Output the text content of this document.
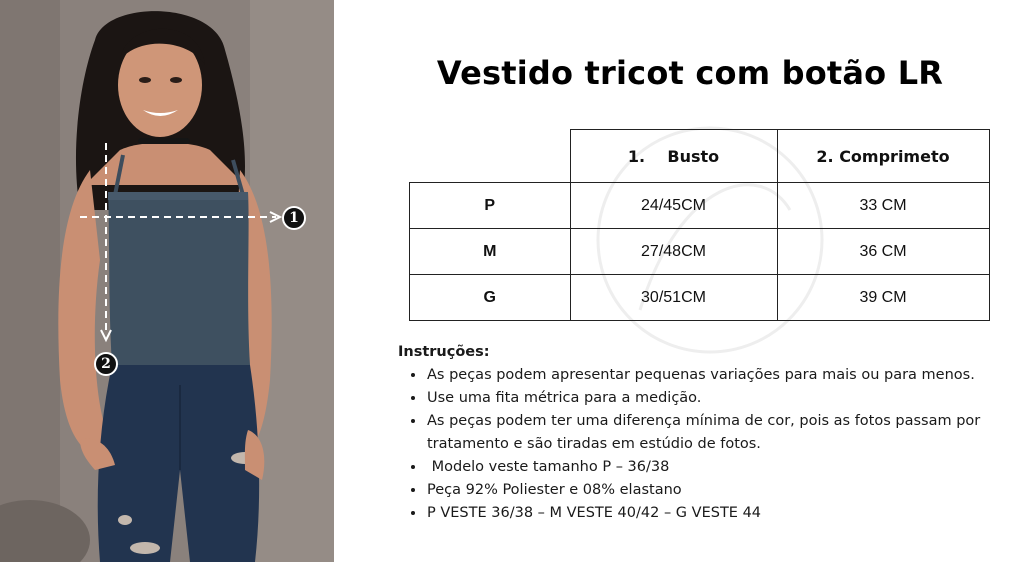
1
2
Vestido tricot com botão LR
	1.    Busto	2. Comprimeto
P	24/45CM	33 CM
M	27/48CM	36 CM
G	30/51CM	39 CM

Instruções:

• As peças podem apresentar pequenas variações para mais ou para menos.
• Use uma fita métrica para a medição.
• As peças podem ter uma diferença mínima de cor, pois as fotos passam por tratamento e são tiradas em estúdio de fotos.
•  Modelo veste tamanho P – 36/38
• Peça 92% Poliester e 08% elastano
• P VESTE 36/38 – M VESTE 40/42 – G VESTE 44
